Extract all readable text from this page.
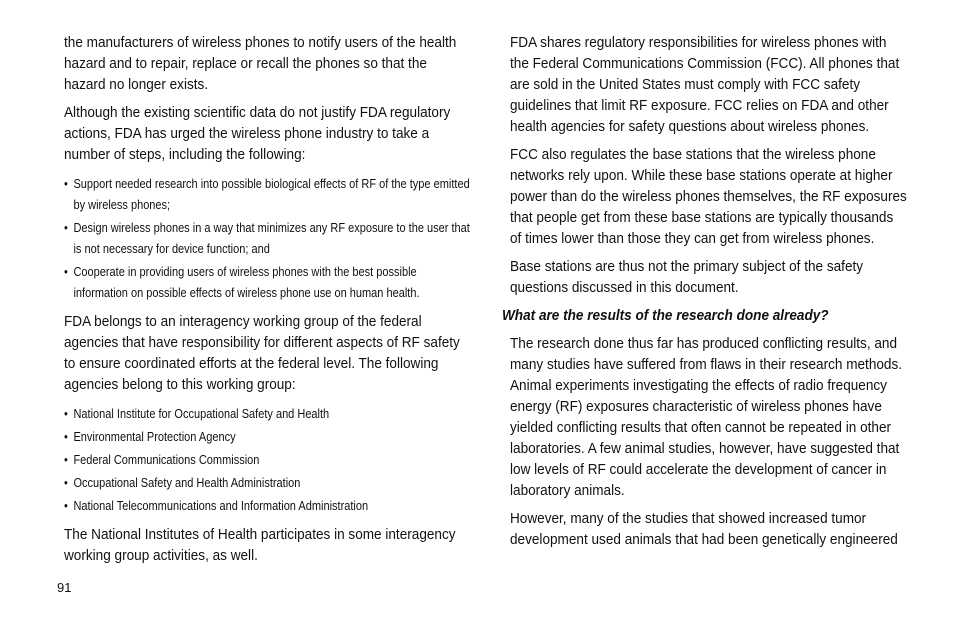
the manufacturers of wireless phones to notify users of the health hazard and to repair, replace or recall the phones so that the hazard no longer exists.

Although the existing scientific data do not justify FDA regulatory actions, FDA has urged the wireless phone industry to take a number of steps, including the following:

• Support needed research into possible biological effects of RF of the type emitted by wireless phones;
• Design wireless phones in a way that minimizes any RF exposure to the user that is not necessary for device function; and
• Cooperate in providing users of wireless phones with the best possible information on possible effects of wireless phone use on human health.

FDA belongs to an interagency working group of the federal agencies that have responsibility for different aspects of RF safety to ensure coordinated efforts at the federal level. The following agencies belong to this working group:

• National Institute for Occupational Safety and Health
• Environmental Protection Agency
• Federal Communications Commission
• Occupational Safety and Health Administration
• National Telecommunications and Information Administration

The National Institutes of Health participates in some interagency working group activities, as well.

FDA shares regulatory responsibilities for wireless phones with the Federal Communications Commission (FCC). All phones that are sold in the United States must comply with FCC safety guidelines that limit RF exposure. FCC relies on FDA and other health agencies for safety questions about wireless phones.

FCC also regulates the base stations that the wireless phone networks rely upon. While these base stations operate at higher power than do the wireless phones themselves, the RF exposures that people get from these base stations are typically thousands of times lower than those they can get from wireless phones.

Base stations are thus not the primary subject of the safety questions discussed in this document.

What are the results of the research done already?

The research done thus far has produced conflicting results, and many studies have suffered from flaws in their research methods. Animal experiments investigating the effects of radio frequency energy (RF) exposures characteristic of wireless phones have yielded conflicting results that often cannot be repeated in other laboratories. A few animal studies, however, have suggested that low levels of RF could accelerate the development of cancer in laboratory animals.

However, many of the studies that showed increased tumor development used animals that had been genetically engineered

91
